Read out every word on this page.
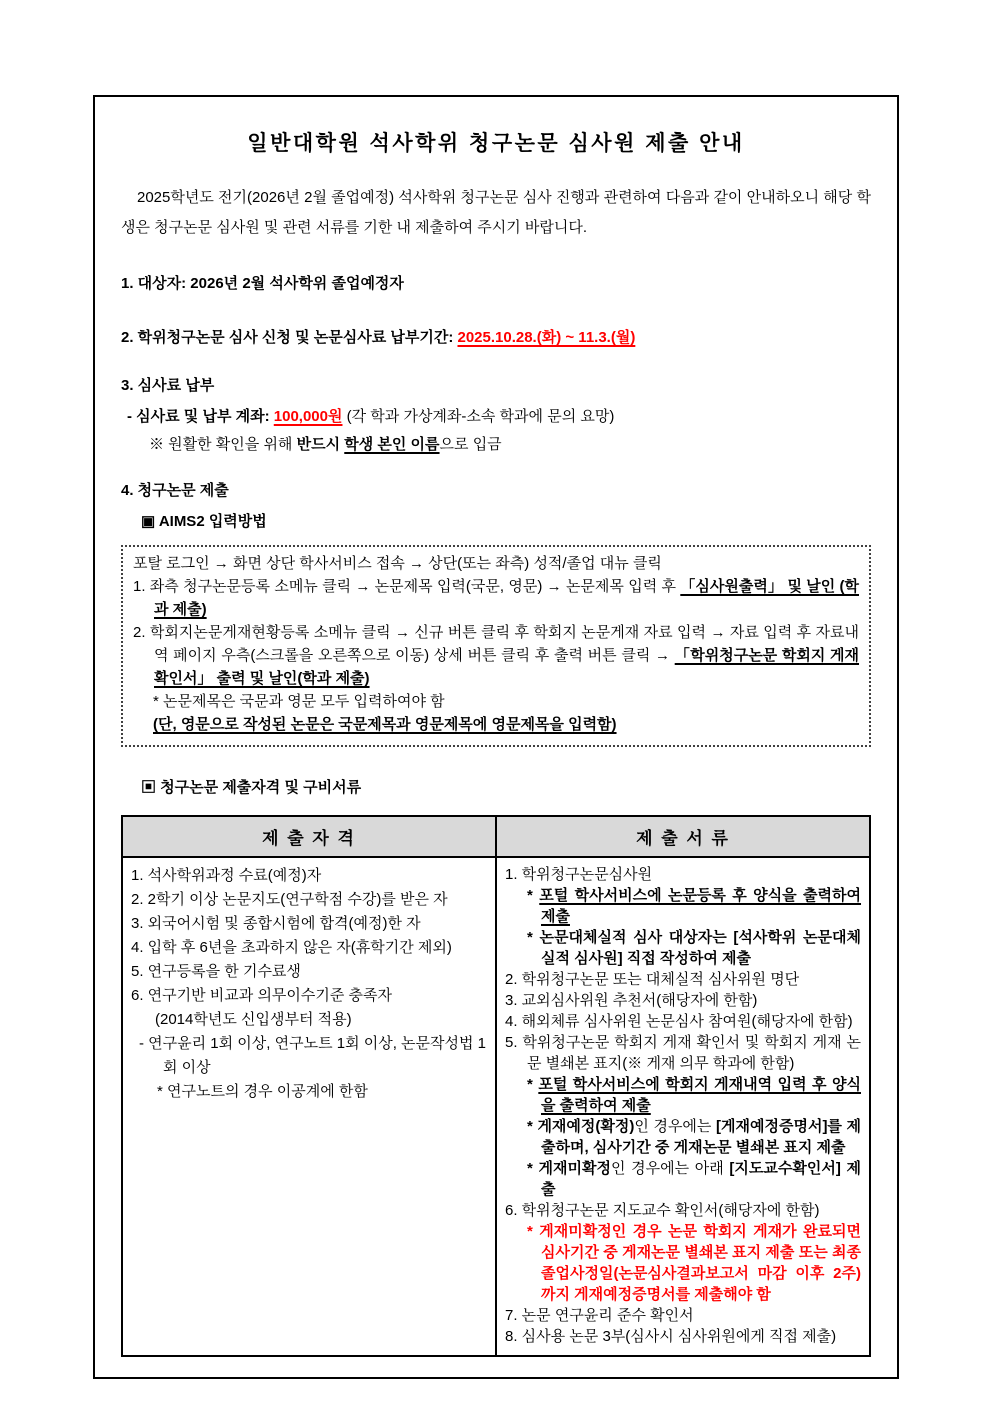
일반대학원 석사학위 청구논문 심사원 제출 안내

2025학년도 전기(2026년 2월 졸업예정) 석사학위 청구논문 심사 진행과 관련하여 다음과 같이 안내하오니 해당 학생은 청구논문 심사원 및 관련 서류를 기한 내 제출하여 주시기 바랍니다.

1. 대상자: 2026년 2월 석사학위 졸업예정자
2. 학위청구논문 심사 신청 및 논문심사료 납부기간: 2025.10.28.(화) ~ 11.3.(월)
3. 심사료 납부
- 심사료 및 납부 계좌: 100,000원 (각 학과 가상계좌-소속 학과에 문의 요망)
※ 원활한 확인을 위해 반드시 학생 본인 이름으로 입금
4. 청구논문 제출
▣ AIMS2 입력방법
포탈 로그인 → 화면 상단 학사서비스 접속 → 상단(또는 좌측) 성적/졸업 대뉴 클릭
1. 좌측 청구논문등록 소메뉴 클릭 → 논문제목 입력(국문, 영문) → 논문제목 입력 후 「심사원출력」 및 날인 (학과 제출)
2. 학회지논문게재현황등록 소메뉴 클릭 → 신규 버튼 클릭 후 학회지 논문게재 자료 입력 → 자료 입력 후 자료내역 페이지 우측(스크롤을 오른쪽으로 이동) 상세 버튼 클릭 후 출력 버튼 클릭 → 「학위청구논문 학회지 게재 확인서」 출력 및 날인(학과 제출)
* 논문제목은 국문과 영문 모두 입력하여야 함
(단, 영문으로 작성된 논문은 국문제목과 영문제목에 영문제목을 입력함)
▣ 청구논문 제출자격 및 구비서류
제 출 자 격	제 출 서 류

1. 석사학위과정 수료(예정)자
2. 2학기 이상 논문지도(연구학점 수강)를 받은 자
3. 외국어시험 및 종합시험에 합격(예정)한 자
4. 입학 후 6년을 초과하지 않은 자(휴학기간 제외)
5. 연구등록을 한 기수료생
6. 연구기반 비교과 의무이수기준 충족자
(2014학년도 신입생부터 적용)
- 연구윤리 1회 이상, 연구노트 1회 이상, 논문작성법 1회 이상
* 연구노트의 경우 이공계에 한함

1. 학위청구논문심사원
* 포털 학사서비스에 논문등록 후 양식을 출력하여 제출
* 논문대체실적 심사 대상자는 [석사학위 논문대체실적 심사원] 직접 작성하여 제출
2. 학위청구논문 또는 대체실적 심사위원 명단
3. 교외심사위원 추천서(해당자에 한함)
4. 해외체류 심사위원 논문심사 참여원(해당자에 한함)
5. 학위청구논문 학회지 게재 확인서 및 학회지 게재 논문 별쇄본 표지(※ 게재 의무 학과에 한함)
* 포털 학사서비스에 학회지 게재내역 입력 후 양식을 출력하여 제출
* 게재예정(확정)인 경우에는 [게재예정증명서]를 제출하며, 심사기간 중 게재논문 별쇄본 표지 제출
* 게재미확정인 경우에는 아래 [지도교수확인서] 제출
6. 학위청구논문 지도교수 확인서(해당자에 한함)
* 게재미확정인 경우 논문 학회지 게재가 완료되면 심사기간 중 게재논문 별쇄본 표지 제출 또는 최종 졸업사정일(논문심사결과보고서 마감 이후 2주)까지 게재예정증명서를 제출해야 함
7. 논문 연구윤리 준수 확인서
8. 심사용 논문 3부(심사시 심사위원에게 직접 제출)
